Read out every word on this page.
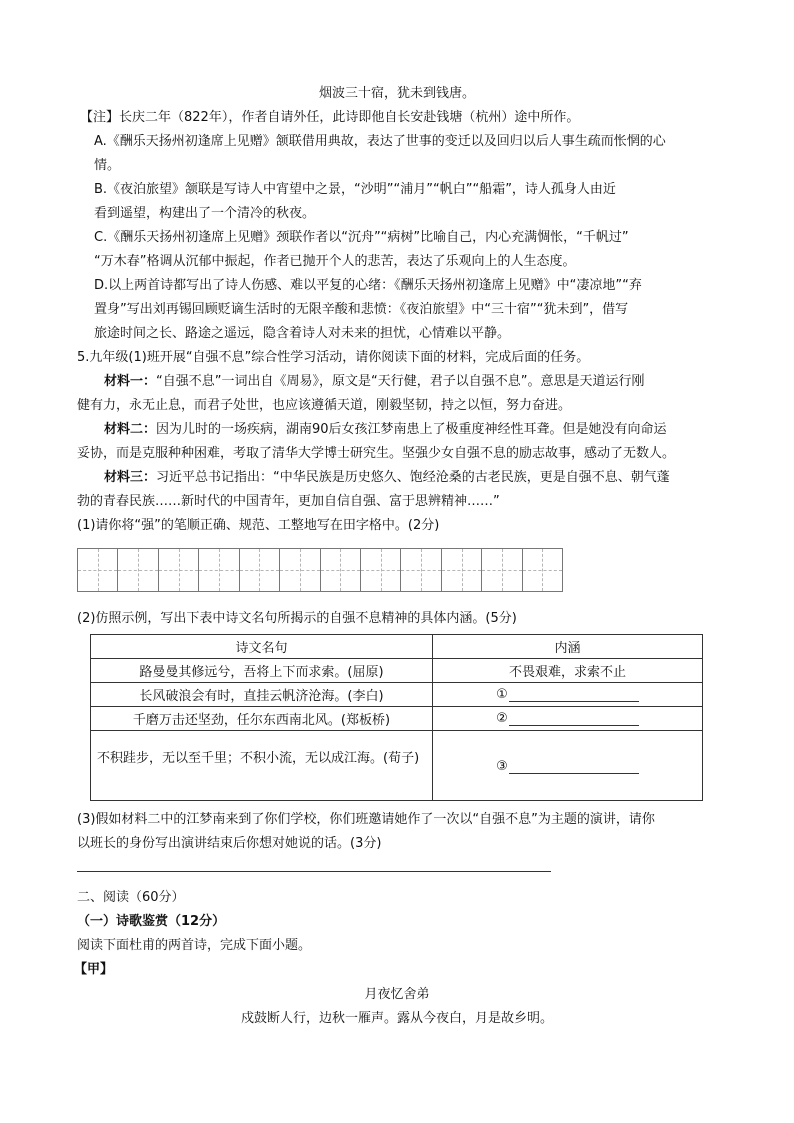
烟波三十宿，犹未到钱唐。
【注】长庆二年（822年），作者自请外任，此诗即他自长安赴钱塘（杭州）途中所作。
A.《酬乐天扬州初逢席上见赠》颔联借用典故，表达了世事的变迁以及回归以后人事生疏而怅惘的心
情。
B.《夜泊旅望》颔联是写诗人中宵望中之景，“沙明”“浦月”“帆白”“船霜”，诗人孤身人由近
看到遥望，构建出了一个清冷的秋夜。
C.《酬乐天扬州初逢席上见赠》颈联作者以“沉舟”“病树”比喻自己，内心充满惆怅，“千帆过”
“万木春”格调从沉郁中振起，作者已抛开个人的悲苦，表达了乐观向上的人生态度。
D.以上两首诗都写出了诗人伤感、难以平复的心绪：《酬乐天扬州初逢席上见赠》中“凄凉地”“弃
置身”写出刘再锡回顾贬谪生活时的无限辛酸和悲愤：《夜泊旅望》中“三十宿”“犹未到”，借写
旅途时间之长、路途之遥远，隐含着诗人对未来的担忧，心情难以平静。
5.九年级(1)班开展“自强不息”综合性学习活动，请你阅读下面的材料，完成后面的任务。
材料一：“自强不息”一词出自《周易》，原文是“天行健，君子以自强不息”。意思是天道运行刚
健有力，永无止息，而君子处世，也应该遵循天道，刚毅坚韧，持之以恒，努力奋进。
材料二：因为儿时的一场疾病，湖南90后女孩江梦南患上了极重度神经性耳聋。但是她没有向命运
妥协，而是克服种种困难，考取了清华大学博士研究生。坚强少女自强不息的励志故事，感动了无数人。
材料三：习近平总书记指出：“中华民族是历史悠久、饱经沧桑的古老民族，更是自强不息、朝气蓬
勃的青春民族……新时代的中国青年，更加自信自强、富于思辨精神……”
(1)请你将“强”的笔顺正确、规范、工整地写在田字格中。(2分)
(2)仿照示例，写出下表中诗文名句所揭示的自强不息精神的具体内涵。(5分)
诗文名句	内涵
路曼曼其修远兮，吾将上下而求索。(屈原)	不畏艰难，求索不止
长风破浪会有时，直挂云帆济沧海。(李白)	①
千磨万击还坚劲，任尔东西南北风。(郑板桥)	②
不积跬步，无以至千里；不积小流，无以成江海。(荀子)	③
(3)假如材料二中的江梦南来到了你们学校，你们班邀请她作了一次以“自强不息”为主题的演讲，请你
以班长的身份写出演讲结束后你想对她说的话。(3分)
二、阅读（60分）
（一）诗歌鉴赏（12分）
阅读下面杜甫的两首诗，完成下面小题。
【甲】
月夜忆舍弟
戍鼓断人行，边秋一雁声。露从今夜白，月是故乡明。
